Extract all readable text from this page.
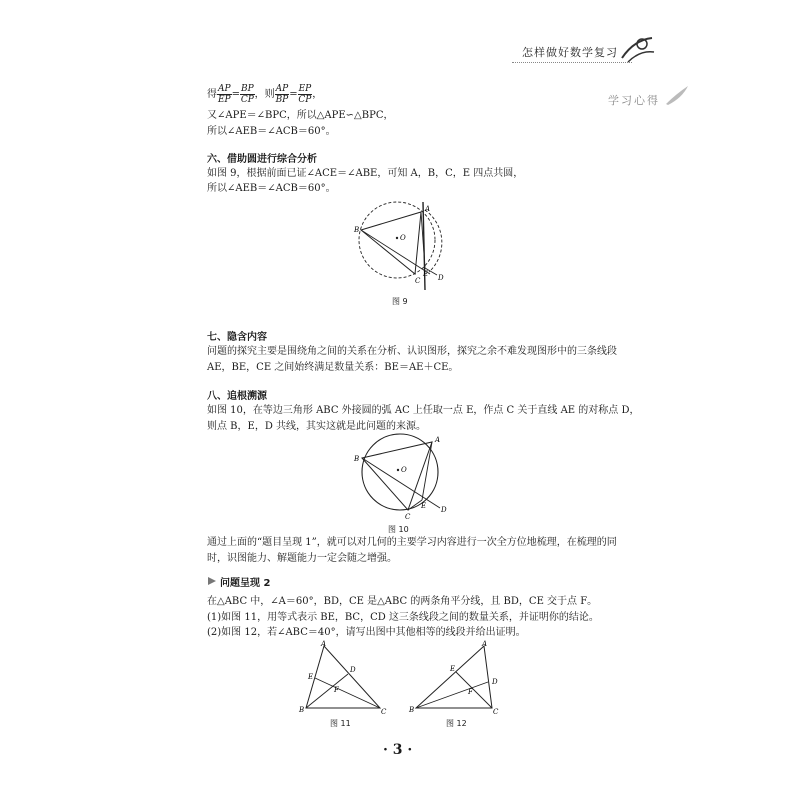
怎样做好数学复习
学习心得
得 $\frac{AP}{EP} = \frac{BP}{CP}$ ，则 $\frac{AP}{BP} = \frac{EP}{CP}$ ，
又∠APE＝∠BPC，所以△APE∽△BPC，
所以∠AEB＝∠ACB＝60°。
六、借助圆进行综合分析
如图 9，根据前面已证∠ACE＝∠ABE，可知 A，B，C，E 四点共圆，
所以∠AEB＝∠ACB＝60°。
A
B
C	D
E
O
图 9
七、隐含内容
问题的探究主要是围绕角之间的关系在分析、认识图形，探究之余不难发现图形中的三条线段
AE，BE，CE 之间始终满足数量关系：BE＝AE＋CE。
八、追根溯源
如图 10，在等边三角形 ABC 外接圆的弧 AC 上任取一点 E，作点 C 关于直线 AE 的对称点 D，
则点 B，E，D 共线，其实这就是此问题的来源。
A
B
C
D
E
O
图 10
通过上面的“题目呈现 1”，就可以对几何的主要学习内容进行一次全方位地梳理，在梳理的同
时，识图能力、解题能力一定会随之增强。
问题呈现 2
在△ABC 中，∠A＝60°，BD，CE 是△ABC 的两条角平分线，且 BD，CE 交于点 F。
(1)如图 11，用等式表示 BE，BC，CD 这三条线段之间的数量关系，并证明你的结论。
(2)如图 12，若∠ABC＝40°，请写出图中其他相等的线段并给出证明。
A
B	C
D
E
F
图 11
A
B	C
D
E
F
图 12
· 3 ·
